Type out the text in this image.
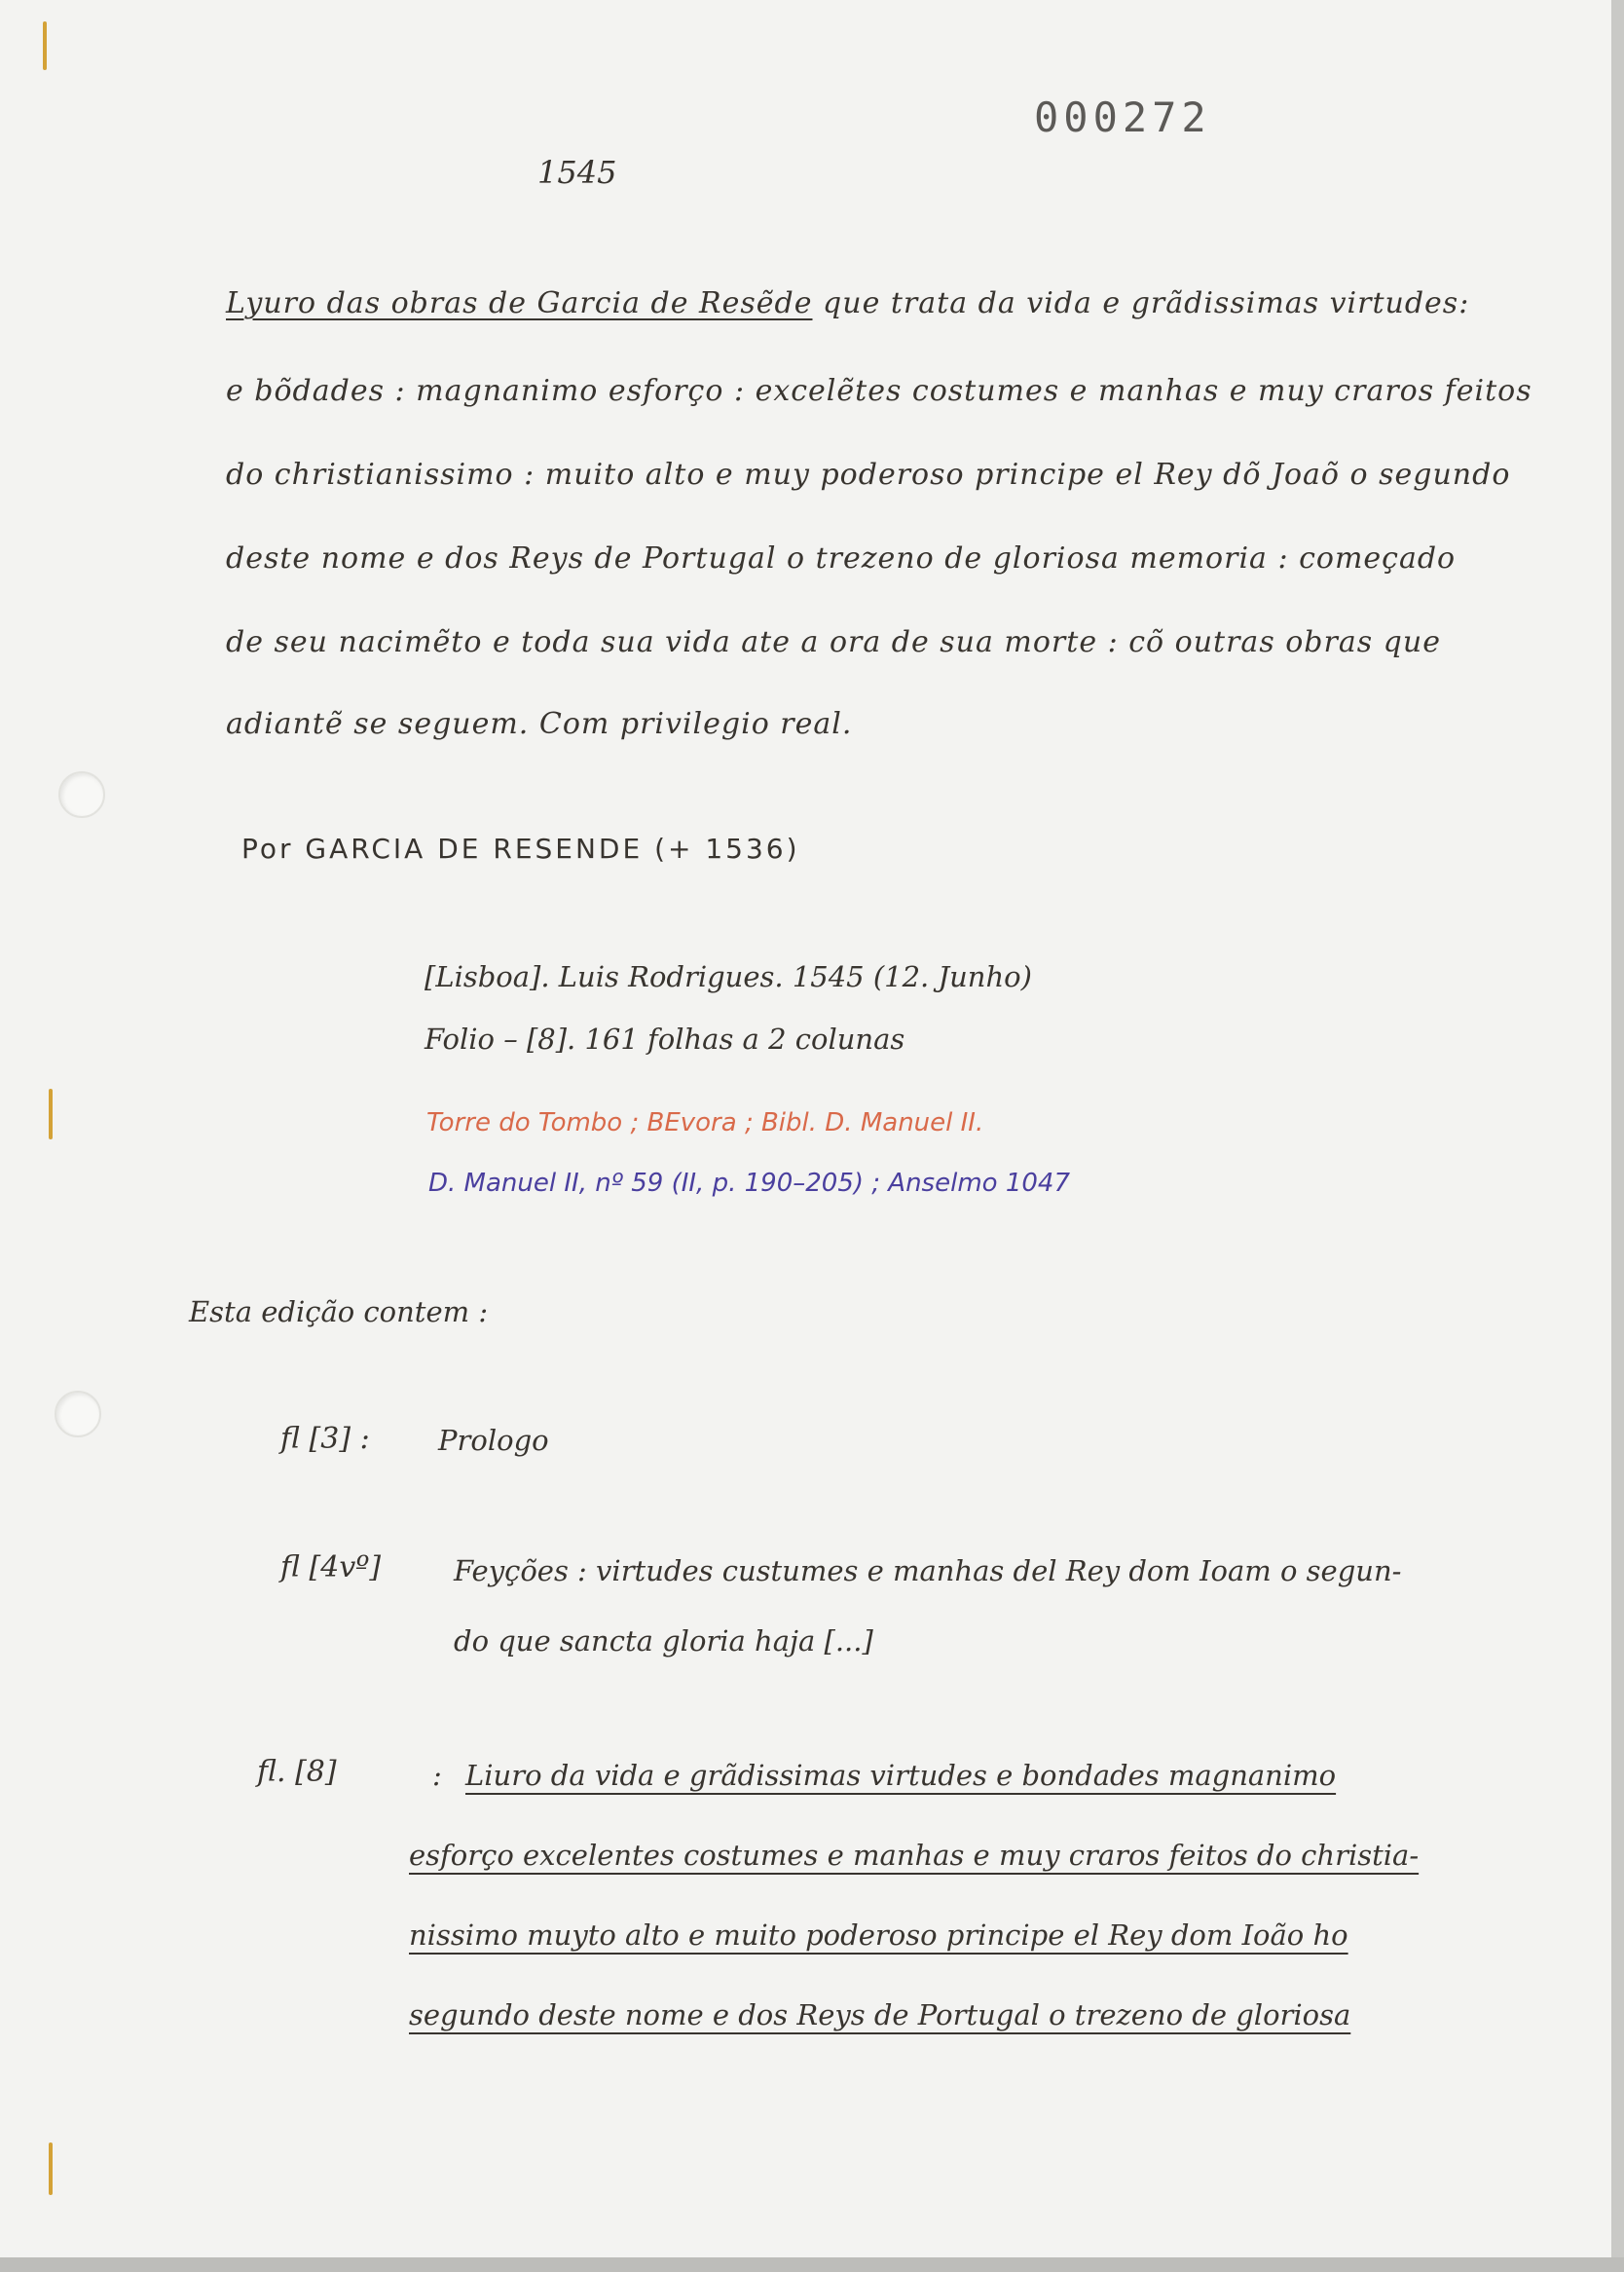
000272
1545
Lyuro das obras de Garcia de Resẽde que trata da vida e grãdissimas virtudes:
e bõdades : magnanimo esforço : excelẽtes costumes e manhas e muy craros feitos
do christianissimo : muito alto e muy poderoso principe el Rey dõ Joaõ o segundo
deste nome e dos Reys de Portugal o trezeno de gloriosa memoria : começado
de seu nacimẽto e toda sua vida ate a ora de sua morte : cõ outras obras que
adiantẽ se seguem. Com privilegio real.
Por GARCIA DE RESENDE (+ 1536)
[Lisboa]. Luis Rodrigues. 1545 (12. Junho)
Folio – [8]. 161 folhas a 2 colunas
Torre do Tombo ; BEvora ; Bibl. D. Manuel II.
D. Manuel II, nº 59 (II, p. 190–205) ; Anselmo 1047
Esta edição contem :
fl [3] : Prologo
fl [4vº]	Feyções : virtudes custumes e manhas del Rey dom Ioam o segun-
do que sancta gloria haja [...]
fl. [8]	: Liuro da vida e grãdissimas virtudes e bondades magnanimo
esforço excelentes costumes e manhas e muy craros feitos do christia-
nissimo muyto alto e muito poderoso principe el Rey dom Ioão ho
segundo deste nome e dos Reys de Portugal o trezeno de gloriosa
